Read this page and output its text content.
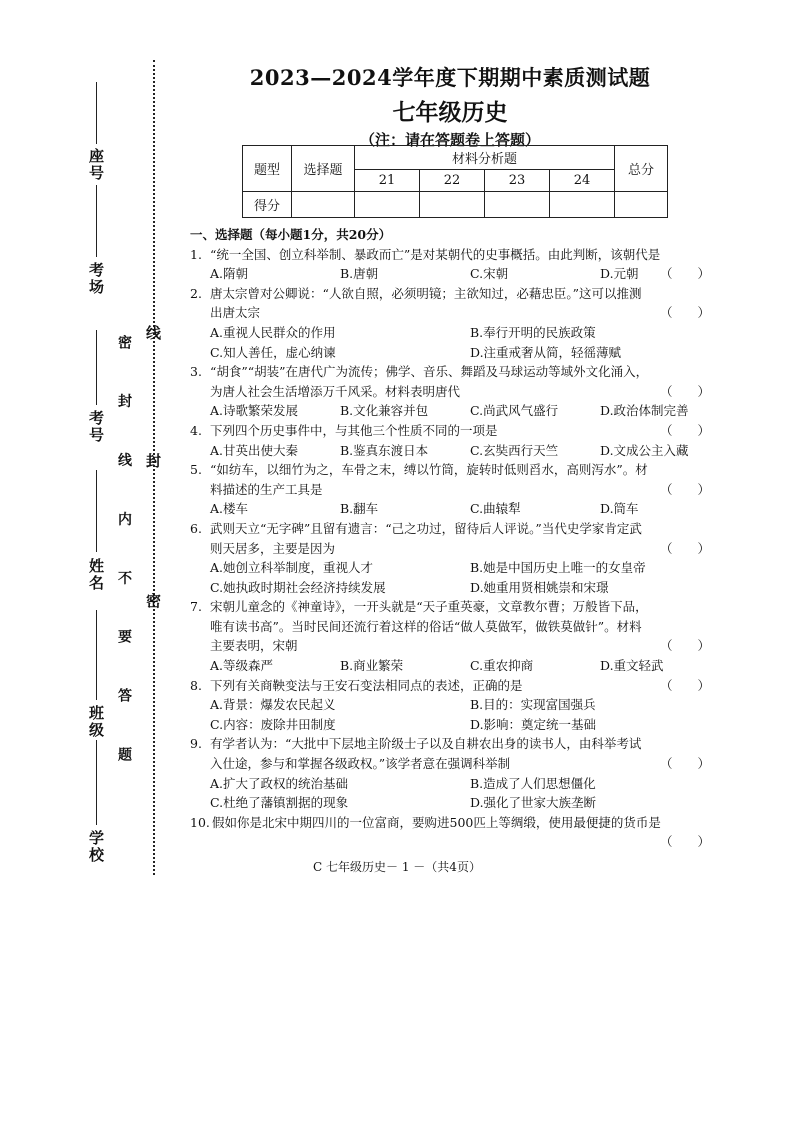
座号
考场
考号
姓名
班级
学校
密 封 线 内 不 要 答 题
线
封
密
2023—2024学年度下期期中素质测试题
七年级历史
（注：请在答题卷上答题）
题型	选择题	材料分析题				总分
		21	22	23	24	
得分						
一、选择题（每小题1分，共20分）
1. “统一全国、创立科举制、暴政而亡”是对某朝代的史事概括。由此判断，该朝代是
（　　）
A.隋朝	B.唐朝	C.宋朝	D.元朝
2. 唐太宗曾对公卿说：“人欲自照，必须明镜；主欲知过，必藉忠臣。”这可以推测出唐太宗	（　　）
A.重视人民群众的作用	B.奉行开明的民族政策
C.知人善任，虚心纳谏	D.注重戒奢从简，轻徭薄赋
3. “胡食”“胡装”在唐代广为流传；佛学、音乐、舞蹈及马球运动等域外文化涌入，为唐人社会生活增添万千风采。材料表明唐代	（　　）
A.诗歌繁荣发展	B.文化兼容并包	C.尚武风气盛行	D.政治体制完善
4. 下列四个历史事件中，与其他三个性质不同的一项是	（　　）
A.甘英出使大秦	B.鉴真东渡日本	C.玄奘西行天竺	D.文成公主入藏
5. “如纺车，以细竹为之，车骨之末，缚以竹筒，旋转时低则舀水，高则泻水”。材料描述的生产工具是	（　　）
A.楼车	B.翻车	C.曲辕犁	D.筒车
6. 武则天立“无字碑”且留有遗言：“己之功过，留待后人评说。”当代史学家肯定武则天居多，主要是因为	（　　）
A.她创立科举制度，重视人才	B.她是中国历史上唯一的女皇帝
C.她执政时期社会经济持续发展	D.她重用贤相姚崇和宋璟
7. 宋朝儿童念的《神童诗》，一开头就是“天子重英豪，文章教尔曹；万般皆下品，唯有读书高”。当时民间还流行着这样的俗话“做人莫做军，做铁莫做针”。材料主要表明，宋朝	（　　）
A.等级森严	B.商业繁荣	C.重农抑商	D.重文轻武
8. 下列有关商鞅变法与王安石变法相同点的表述，正确的是	（　　）
A.背景：爆发农民起义	B.目的：实现富国强兵
C.内容：废除井田制度	D.影响：奠定统一基础
9. 有学者认为：“大批中下层地主阶级士子以及自耕农出身的读书人，由科举考试入仕途，参与和掌握各级政权。”该学者意在强调科举制	（　　）
A.扩大了政权的统治基础	B.造成了人们思想僵化
C.杜绝了藩镇割据的现象	D.强化了世家大族垄断
10. 假如你是北宋中期四川的一位富商，要购进500匹上等绸缎，使用最便捷的货币是
（　　）
C 七年级历史－ 1 －（共4页）
